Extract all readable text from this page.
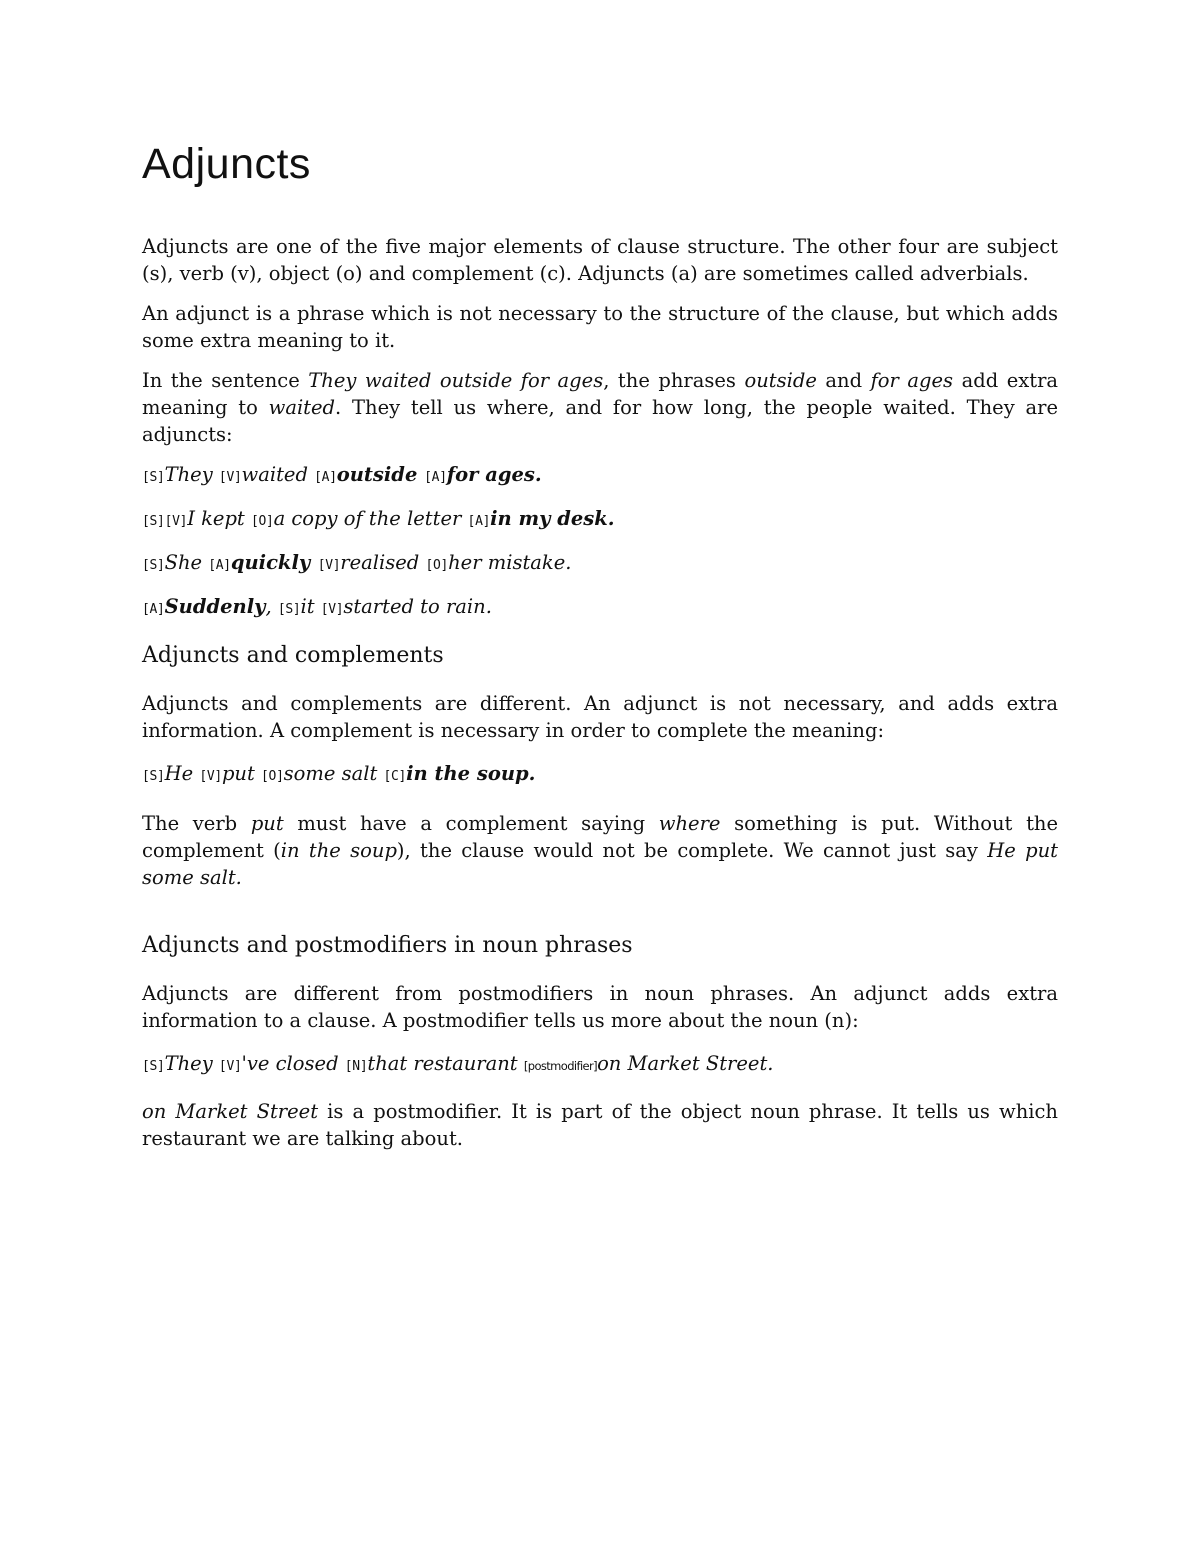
Adjuncts

Adjuncts are one of the five major elements of clause structure. The other four are subject (s), verb (v), object (o) and complement (c). Adjuncts (a) are sometimes called adverbials.

An adjunct is a phrase which is not necessary to the structure of the clause, but which adds some extra meaning to it.

In the sentence They waited outside for ages, the phrases outside and for ages add extra meaning to waited. They tell us where, and for how long, the people waited. They are adjuncts:

[S]They [V]waited [A]outside [A]for ages.
[S][V]I kept [O]a copy of the letter [A]in my desk.
[S]She [A]quickly [V]realised [O]her mistake.
[A]Suddenly, [S]it [V]started to rain.
Adjuncts and complements

Adjuncts and complements are different. An adjunct is not necessary, and adds extra information. A complement is necessary in order to complete the meaning:

[S]He [V]put [O]some salt [C]in the soup.

The verb put must have a complement saying where something is put. Without the complement (in the soup), the clause would not be complete. We cannot just say He put some salt.

Adjuncts and postmodifiers in noun phrases

Adjuncts are different from postmodifiers in noun phrases. An adjunct adds extra information to a clause. A postmodifier tells us more about the noun (n):

[S]They [V]'ve closed [N]that restaurant [postmodifier]on Market Street.

on Market Street is a postmodifier. It is part of the object noun phrase. It tells us which restaurant we are talking about.
